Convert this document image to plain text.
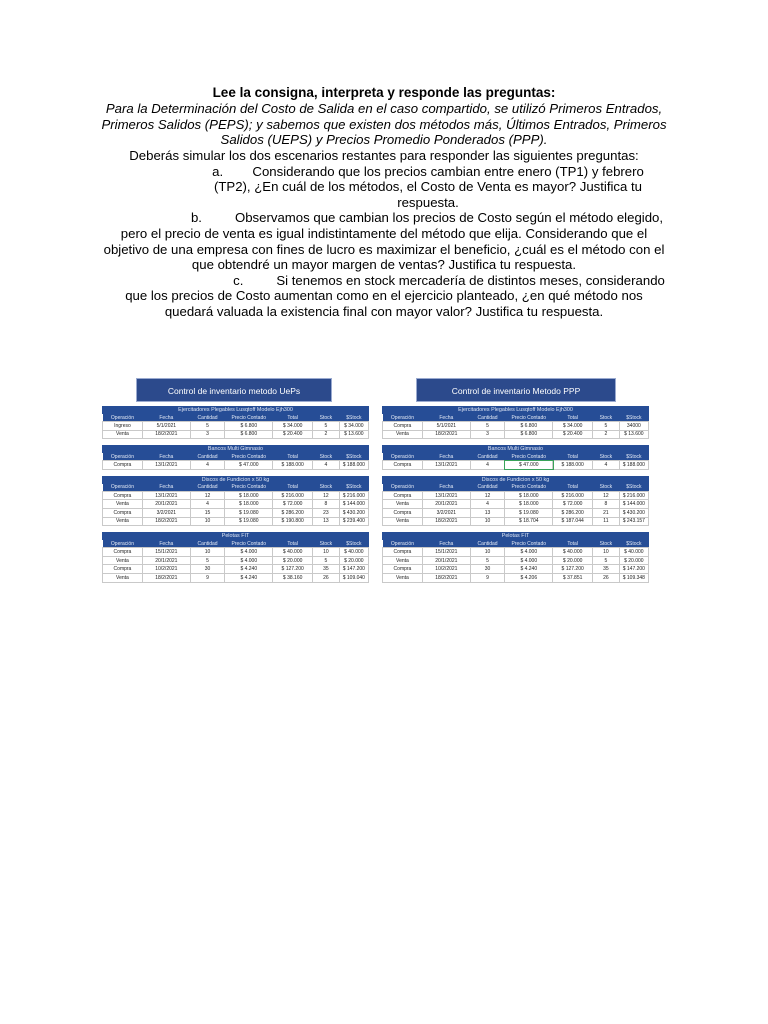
Lee la consigna, interpreta y responde las preguntas:
Para la Determinación del Costo de Salida en el caso compartido, se utilizó Primeros Entrados, Primeros Salidos (PEPS); y sabemos que existen dos métodos más, Últimos Entrados, Primeros Salidos (UEPS) y Precios Promedio Ponderados (PPP).
Deberás simular los dos escenarios restantes para responder las siguientes preguntas:
a. Considerando que los precios cambian entre enero (TP1) y febrero (TP2), ¿En cuál de los métodos, el Costo de Venta es mayor? Justifica tu respuesta.
b. Observamos que cambian los precios de Costo según el método elegido, pero el precio de venta es igual indistintamente del método que elija. Considerando que el objetivo de una empresa con fines de lucro es maximizar el beneficio, ¿cuál es el método con el que obtendré un mayor margen de ventas? Justifica tu respuesta.
c. Si tenemos en stock mercadería de distintos meses, considerando que los precios de Costo aumentan como en el ejercicio planteado, ¿en qué método nos quedará valuada la existencia final con mayor valor? Justifica tu respuesta.
Control de inventario metodo UePs
Ejercitadores Plegables Lusqtoff Modelo Ejh300
Operación	Fecha	Cantidad	Precio Contado	Total	Stock	$Stock
Ingreso	5/1/2021	5	$ 6.800	$ 34.000	5	$ 34.000
Venta	18/2/2021	3	$ 6.800	$ 20.400	2	$ 13.600
Bancos Multi Gimnasio
Operación	Fecha	Cantidad	Precio Contado	Total	Stock	$Stock
Compra	13/1/2021	4	$ 47.000	$ 188.000	4	$ 188.000
Discos de Fundicion x 50 kg
Operación	Fecha	Cantidad	Precio Contado	Total	Stock	$Stock
Compra	13/1/2021	12	$ 18.000	$ 216.000	12	$ 216.000
Venta	20/1/2021	4	$ 18.000	$ 72.000	8	$ 144.000
Compra	3/2/2021	15	$ 19.080	$ 286.200	23	$ 430.200
Venta	18/2/2021	10	$ 19.080	$ 190.800	13	$ 239.400
Pelotas FIT
Operación	Fecha	Cantidad	Precio Contado	Total	Stock	$Stock
Compra	15/1/2021	10	$ 4.000	$ 40.000	10	$ 40.000
Venta	20/1/2021	5	$ 4.000	$ 20.000	5	$ 20.000
Compra	10/2/2021	30	$ 4.240	$ 127.200	35	$ 147.200
Venta	18/2/2021	9	$ 4.240	$ 38.160	26	$ 109.040
Control de inventario Metodo PPP
Ejercitadores Plegables Lusqtoff Modelo Ejh300
Operación	Fecha	Cantidad	Precio Contado	Total	Stock	$Stock
Compra	5/1/2021	5	$ 6.800	$ 34.000	5	34000
Venta	18/2/2021	3	$ 6.800	$ 20.400	2	$ 13.600
Bancos Multi Gimnasio
Operación	Fecha	Cantidad	Precio Contado	Total	Stock	$Stock
Compra	13/1/2021	4	$ 47.000	$ 188.000	4	$ 188.000
Discos de Fundicion x 50 kg
Operación	Fecha	Cantidad	Precio Contado	Total	Stock	$Stock
Compra	13/1/2021	12	$ 18.000	$ 216.000	12	$ 216.000
Venta	20/1/2021	4	$ 18.000	$ 72.000	8	$ 144.000
Compra	3/2/2021	13	$ 19.080	$ 286.200	21	$ 430.200
Venta	18/2/2021	10	$ 18.704	$ 187.044	11	$ 243.157
Pelotas FIT
Operación	Fecha	Cantidad	Precio Contado	Total	Stock	$Stock
Compra	15/1/2021	10	$ 4.000	$ 40.000	10	$ 40.000
Venta	20/1/2021	5	$ 4.000	$ 20.000	5	$ 20.000
Compra	10/2/2021	30	$ 4.240	$ 127.200	35	$ 147.200
Venta	18/2/2021	9	$ 4.206	$ 37.851	26	$ 109.348
